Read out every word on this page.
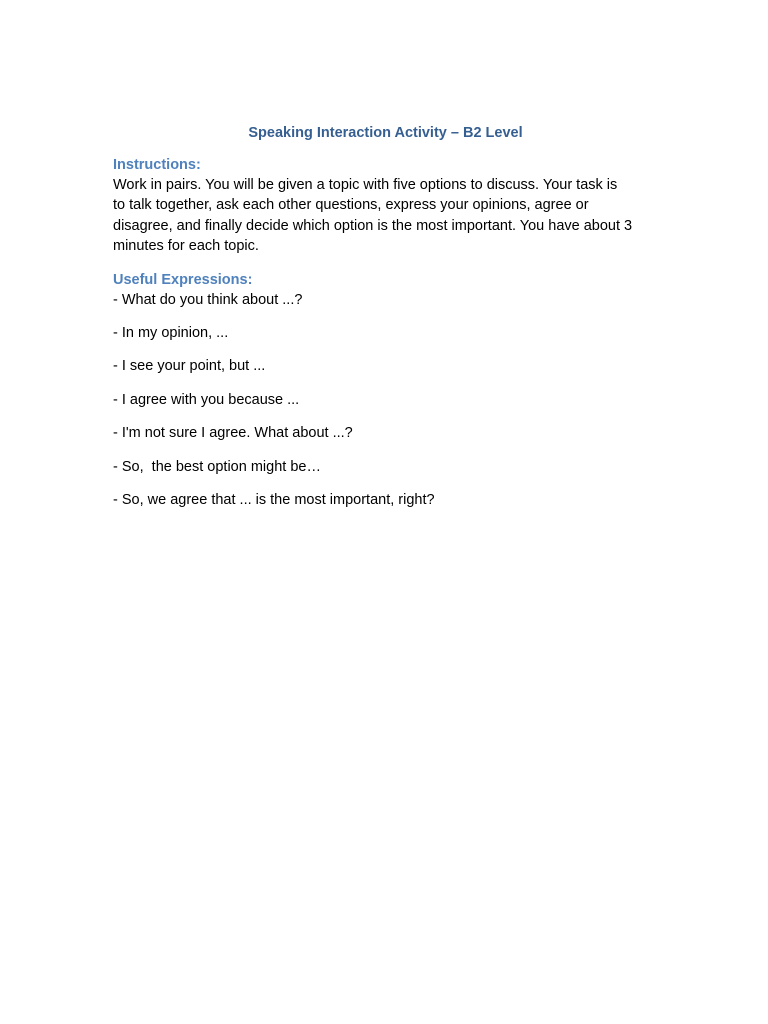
Speaking Interaction Activity – B2 Level
Instructions:

Work in pairs. You will be given a topic with five options to discuss. Your task is

to talk together, ask each other questions, express your opinions, agree or

disagree, and finally decide which option is the most important. You have about 3

minutes for each topic.

Useful Expressions:
- What do you think about ...?
- In my opinion, ...
- I see your point, but ...
- I agree with you because ...
- I'm not sure I agree. What about ...?
- So,  the best option might be…
- So, we agree that ... is the most important, right?
